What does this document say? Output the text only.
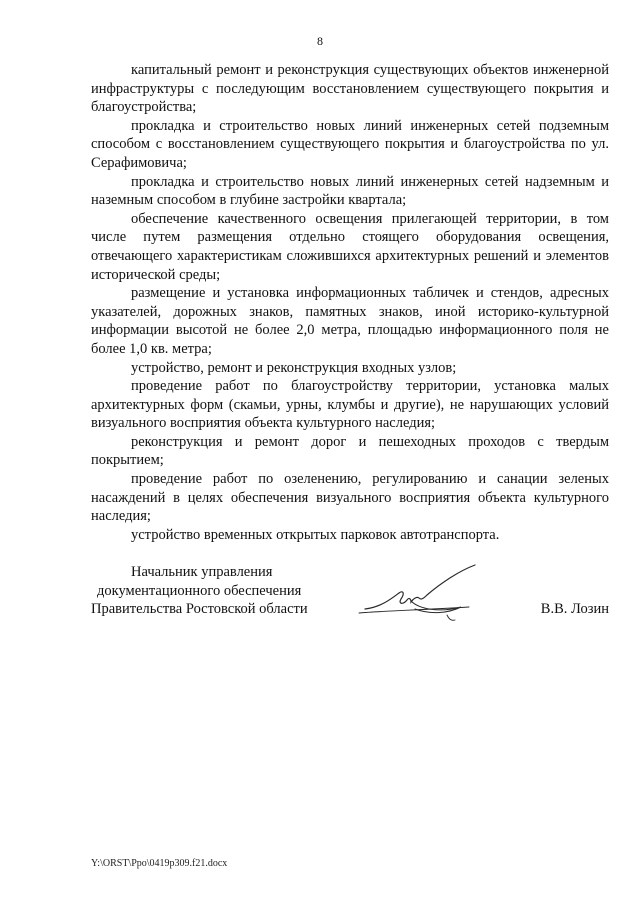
8

капитальный ремонт и реконструкция существующих объектов инженерной инфраструктуры с последующим восстановлением существующего покрытия и благоустройства;

прокладка и строительство новых линий инженерных сетей подземным способом с восстановлением существующего покрытия и благоустройства по ул. Серафимовича;

прокладка и строительство новых линий инженерных сетей надземным и наземным способом в глубине застройки квартала;

обеспечение качественного освещения прилегающей территории, в том числе путем размещения отдельно стоящего оборудования освещения, отвечающего характеристикам сложившихся архитектурных решений и элементов исторической среды;

размещение и установка информационных табличек и стендов, адресных указателей, дорожных знаков, памятных знаков, иной историко-культурной информации высотой не более 2,0 метра, площадью информационного поля не более 1,0 кв. метра;

устройство, ремонт и реконструкция входных узлов;

проведение работ по благоустройству территории, установка малых архитектурных форм (скамьи, урны, клумбы и другие), не нарушающих условий визуального восприятия объекта культурного наследия;

реконструкция и ремонт дорог и пешеходных проходов с твердым покрытием;

проведение работ по озеленению, регулированию и санации зеленых насаждений в целях обеспечения визуального восприятия объекта культурного наследия;

устройство временных открытых парковок автотранспорта.

Начальник управления
документационного обеспечения
Правительства Ростовской области	В.В. Лозин
Y:\ORST\Ppo\0419p309.f21.docx
